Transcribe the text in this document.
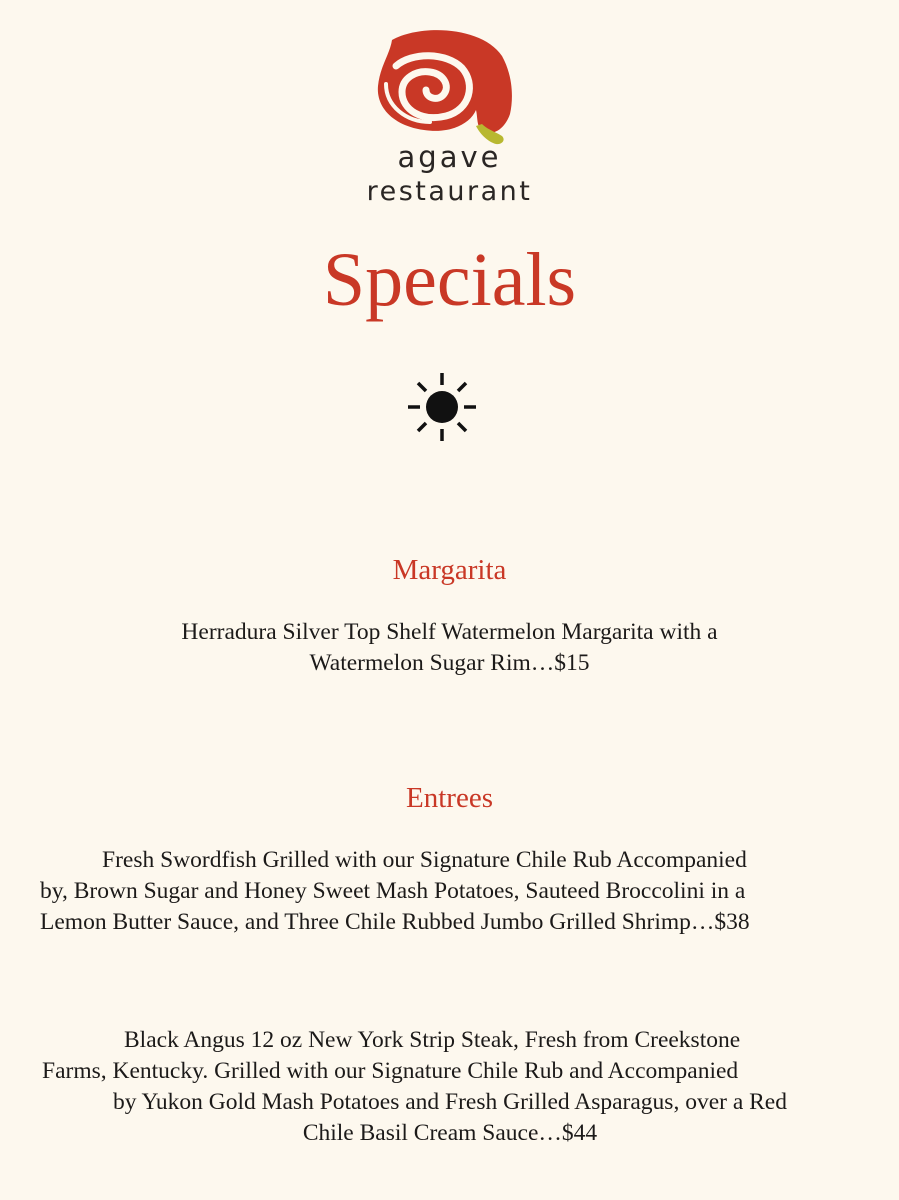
agave
restaurant
Specials
Margarita

Herradura Silver Top Shelf Watermelon Margarita with a
Watermelon Sugar Rim…$15

Entrees

Fresh Swordfish Grilled with our Signature Chile Rub Accompanied
by, Brown Sugar and Honey Sweet Mash Potatoes, Sauteed Broccolini in a
Lemon Butter Sauce, and Three Chile Rubbed Jumbo Grilled Shrimp…$38

Black Angus 12 oz New York Strip Steak, Fresh from Creekstone
Farms, Kentucky. Grilled with our Signature Chile Rub and Accompanied
by Yukon Gold Mash Potatoes and Fresh Grilled Asparagus, over a Red
Chile Basil Cream Sauce…$44
